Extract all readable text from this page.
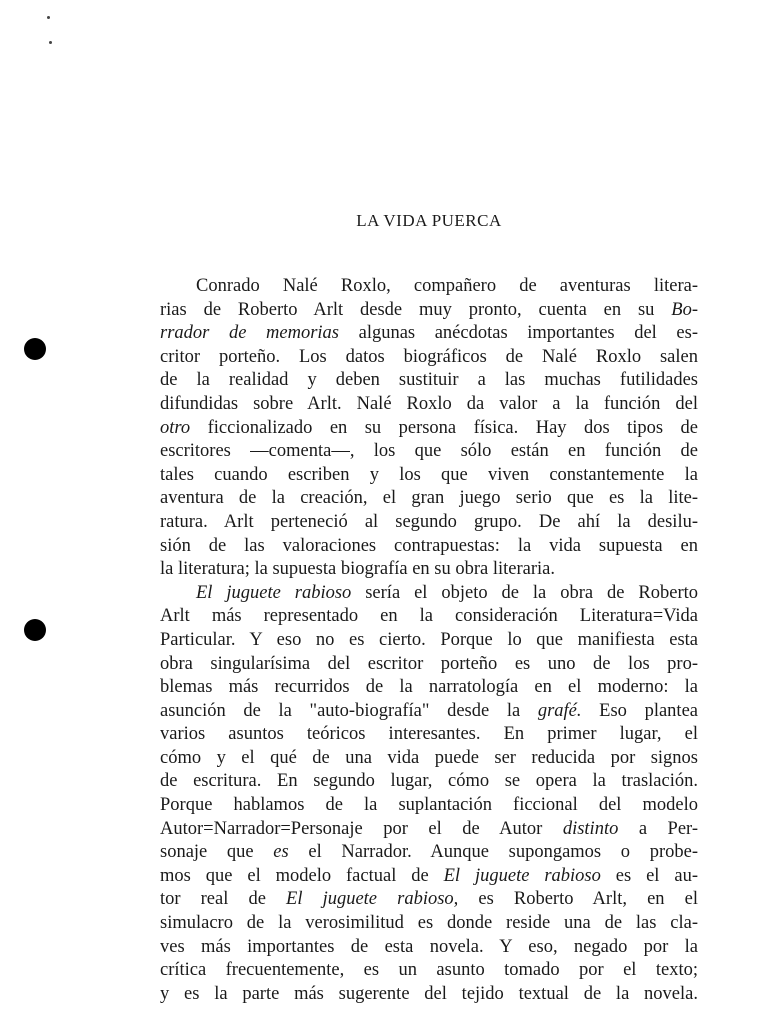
LA VIDA PUERCA
Conrado Nalé Roxlo, compañero de aventuras litera-
rias de Roberto Arlt desde muy pronto, cuenta en su Bo-
rrador de memorias algunas anécdotas importantes del es-
critor porteño. Los datos biográficos de Nalé Roxlo salen
de la realidad y deben sustituir a las muchas futilidades
difundidas sobre Arlt. Nalé Roxlo da valor a la función del
otro ficcionalizado en su persona física. Hay dos tipos de
escritores —comenta—, los que sólo están en función de
tales cuando escriben y los que viven constantemente la
aventura de la creación, el gran juego serio que es la lite-
ratura. Arlt perteneció al segundo grupo. De ahí la desilu-
sión de las valoraciones contrapuestas: la vida supuesta en
la literatura; la supuesta biografía en su obra literaria.
El juguete rabioso sería el objeto de la obra de Roberto
Arlt más representado en la consideración Literatura=Vida
Particular. Y eso no es cierto. Porque lo que manifiesta esta
obra singularísima del escritor porteño es uno de los pro-
blemas más recurridos de la narratología en el moderno: la
asunción de la "auto-biografía" desde la grafé. Eso plantea
varios asuntos teóricos interesantes. En primer lugar, el
cómo y el qué de una vida puede ser reducida por signos
de escritura. En segundo lugar, cómo se opera la traslación.
Porque hablamos de la suplantación ficcional del modelo
Autor=Narrador=Personaje por el de Autor distinto a Per-
sonaje que es el Narrador. Aunque supongamos o probe-
mos que el modelo factual de El juguete rabioso es el au-
tor real de El juguete rabioso, es Roberto Arlt, en el
simulacro de la verosimilitud es donde reside una de las cla-
ves más importantes de esta novela. Y eso, negado por la
crítica frecuentemente, es un asunto tomado por el texto;
y es la parte más sugerente del tejido textual de la novela.
